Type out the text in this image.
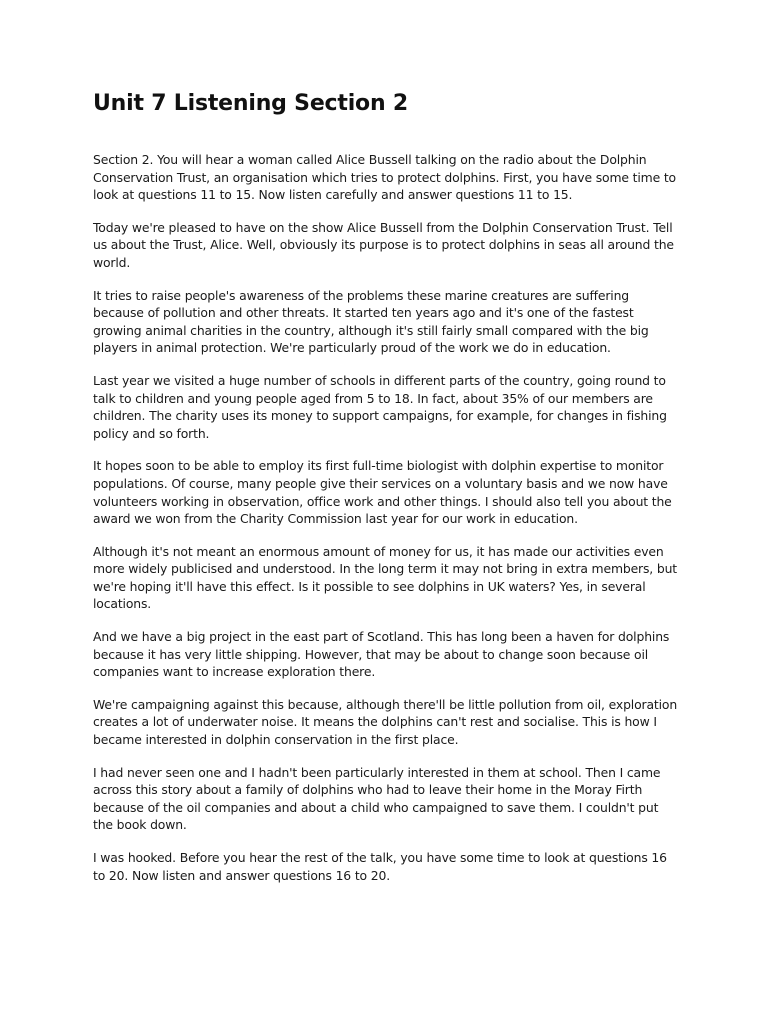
Unit 7 Listening Section 2

Section 2. You will hear a woman called Alice Bussell talking on the radio about the Dolphin Conservation Trust, an organisation which tries to protect dolphins. First, you have some time to look at questions 11 to 15. Now listen carefully and answer questions 11 to 15.

Today we're pleased to have on the show Alice Bussell from the Dolphin Conservation Trust. Tell us about the Trust, Alice. Well, obviously its purpose is to protect dolphins in seas all around the world.

It tries to raise people's awareness of the problems these marine creatures are suffering because of pollution and other threats. It started ten years ago and it's one of the fastest growing animal charities in the country, although it's still fairly small compared with the big players in animal protection. We're particularly proud of the work we do in education.

Last year we visited a huge number of schools in different parts of the country, going round to talk to children and young people aged from 5 to 18. In fact, about 35% of our members are children. The charity uses its money to support campaigns, for example, for changes in fishing policy and so forth.

It hopes soon to be able to employ its first full-time biologist with dolphin expertise to monitor populations. Of course, many people give their services on a voluntary basis and we now have volunteers working in observation, office work and other things. I should also tell you about the award we won from the Charity Commission last year for our work in education.

Although it's not meant an enormous amount of money for us, it has made our activities even more widely publicised and understood. In the long term it may not bring in extra members, but we're hoping it'll have this effect. Is it possible to see dolphins in UK waters? Yes, in several locations.

And we have a big project in the east part of Scotland. This has long been a haven for dolphins because it has very little shipping. However, that may be about to change soon because oil companies want to increase exploration there.

We're campaigning against this because, although there'll be little pollution from oil, exploration creates a lot of underwater noise. It means the dolphins can't rest and socialise. This is how I became interested in dolphin conservation in the first place.

I had never seen one and I hadn't been particularly interested in them at school. Then I came across this story about a family of dolphins who had to leave their home in the Moray Firth because of the oil companies and about a child who campaigned to save them. I couldn't put the book down.

I was hooked. Before you hear the rest of the talk, you have some time to look at questions 16 to 20. Now listen and answer questions 16 to 20.
